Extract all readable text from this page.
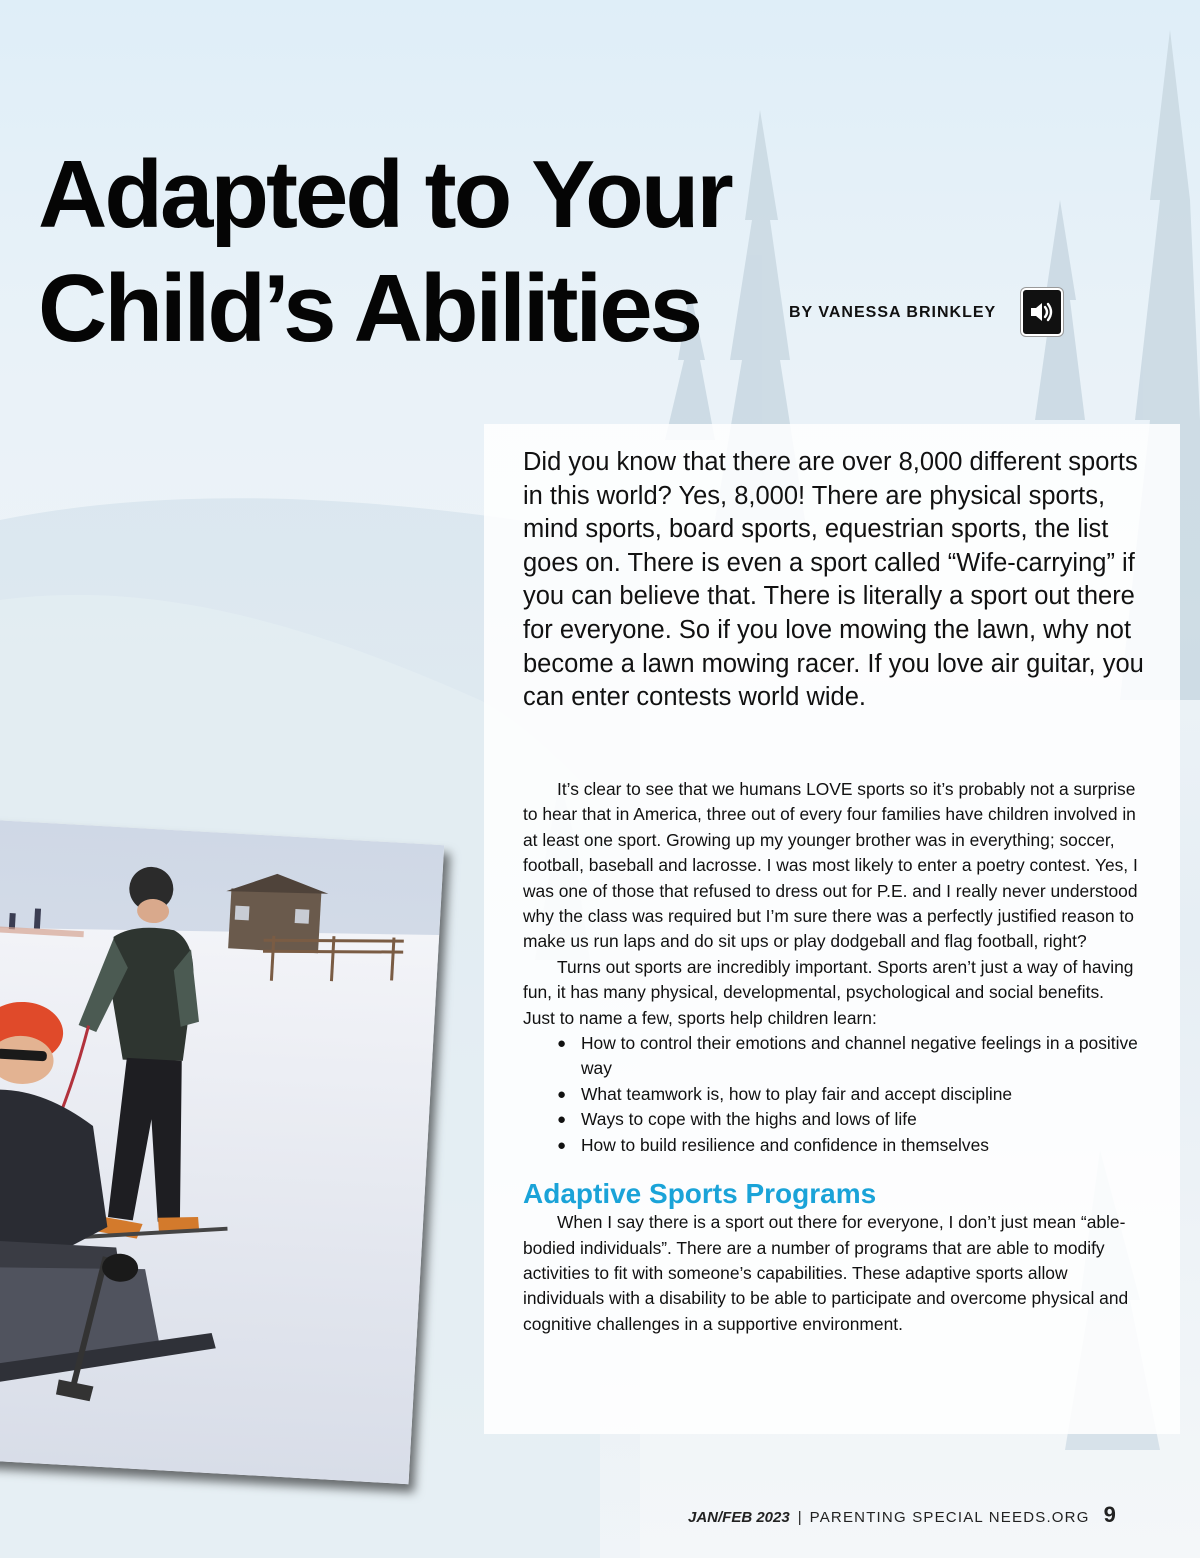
Adapted to Your
Child’s Abilities	BY VANESSA BRINKLEY

Did you know that there are over 8,000 different sports in this world? Yes, 8,000! There are physical sports, mind sports, board sports, equestrian sports, the list goes on. There is even a sport called “Wife-carrying” if you can believe that. There is literally a sport out there for everyone. So if you love mowing the lawn, why not become a lawn mowing racer. If you love air guitar, you can enter contests world wide.

It’s clear to see that we humans LOVE sports so it’s probably not a surprise to hear that in America, three out of every four families have children involved in at least one sport. Growing up my younger brother was in everything; soccer, football, baseball and lacrosse. I was most likely to enter a poetry contest. Yes, I was one of those that refused to dress out for P.E. and I really never understood why the class was required but I’m sure there was a perfectly justified reason to make us run laps and do sit ups or play dodgeball and flag football, right?

Turns out sports are incredibly important. Sports aren’t just a way of having fun, it has many physical, developmental, psychological and social benefits.

Just to name a few, sports help children learn:

● How to control their emotions and channel negative feelings in a positive way
● What teamwork is, how to play fair and accept discipline
● Ways to cope with the highs and lows of life
● How to build resilience and confidence in themselves
Adaptive Sports Programs

When I say there is a sport out there for everyone, I don’t just mean “able-bodied individuals”. There are a number of programs that are able to modify activities to fit with someone’s capabilities. These adaptive sports allow individuals with a disability to be able to participate and overcome physical and cognitive challenges in a supportive environment.

JAN/FEB 2023 | PARENTING SPECIAL NEEDS.ORG 9
